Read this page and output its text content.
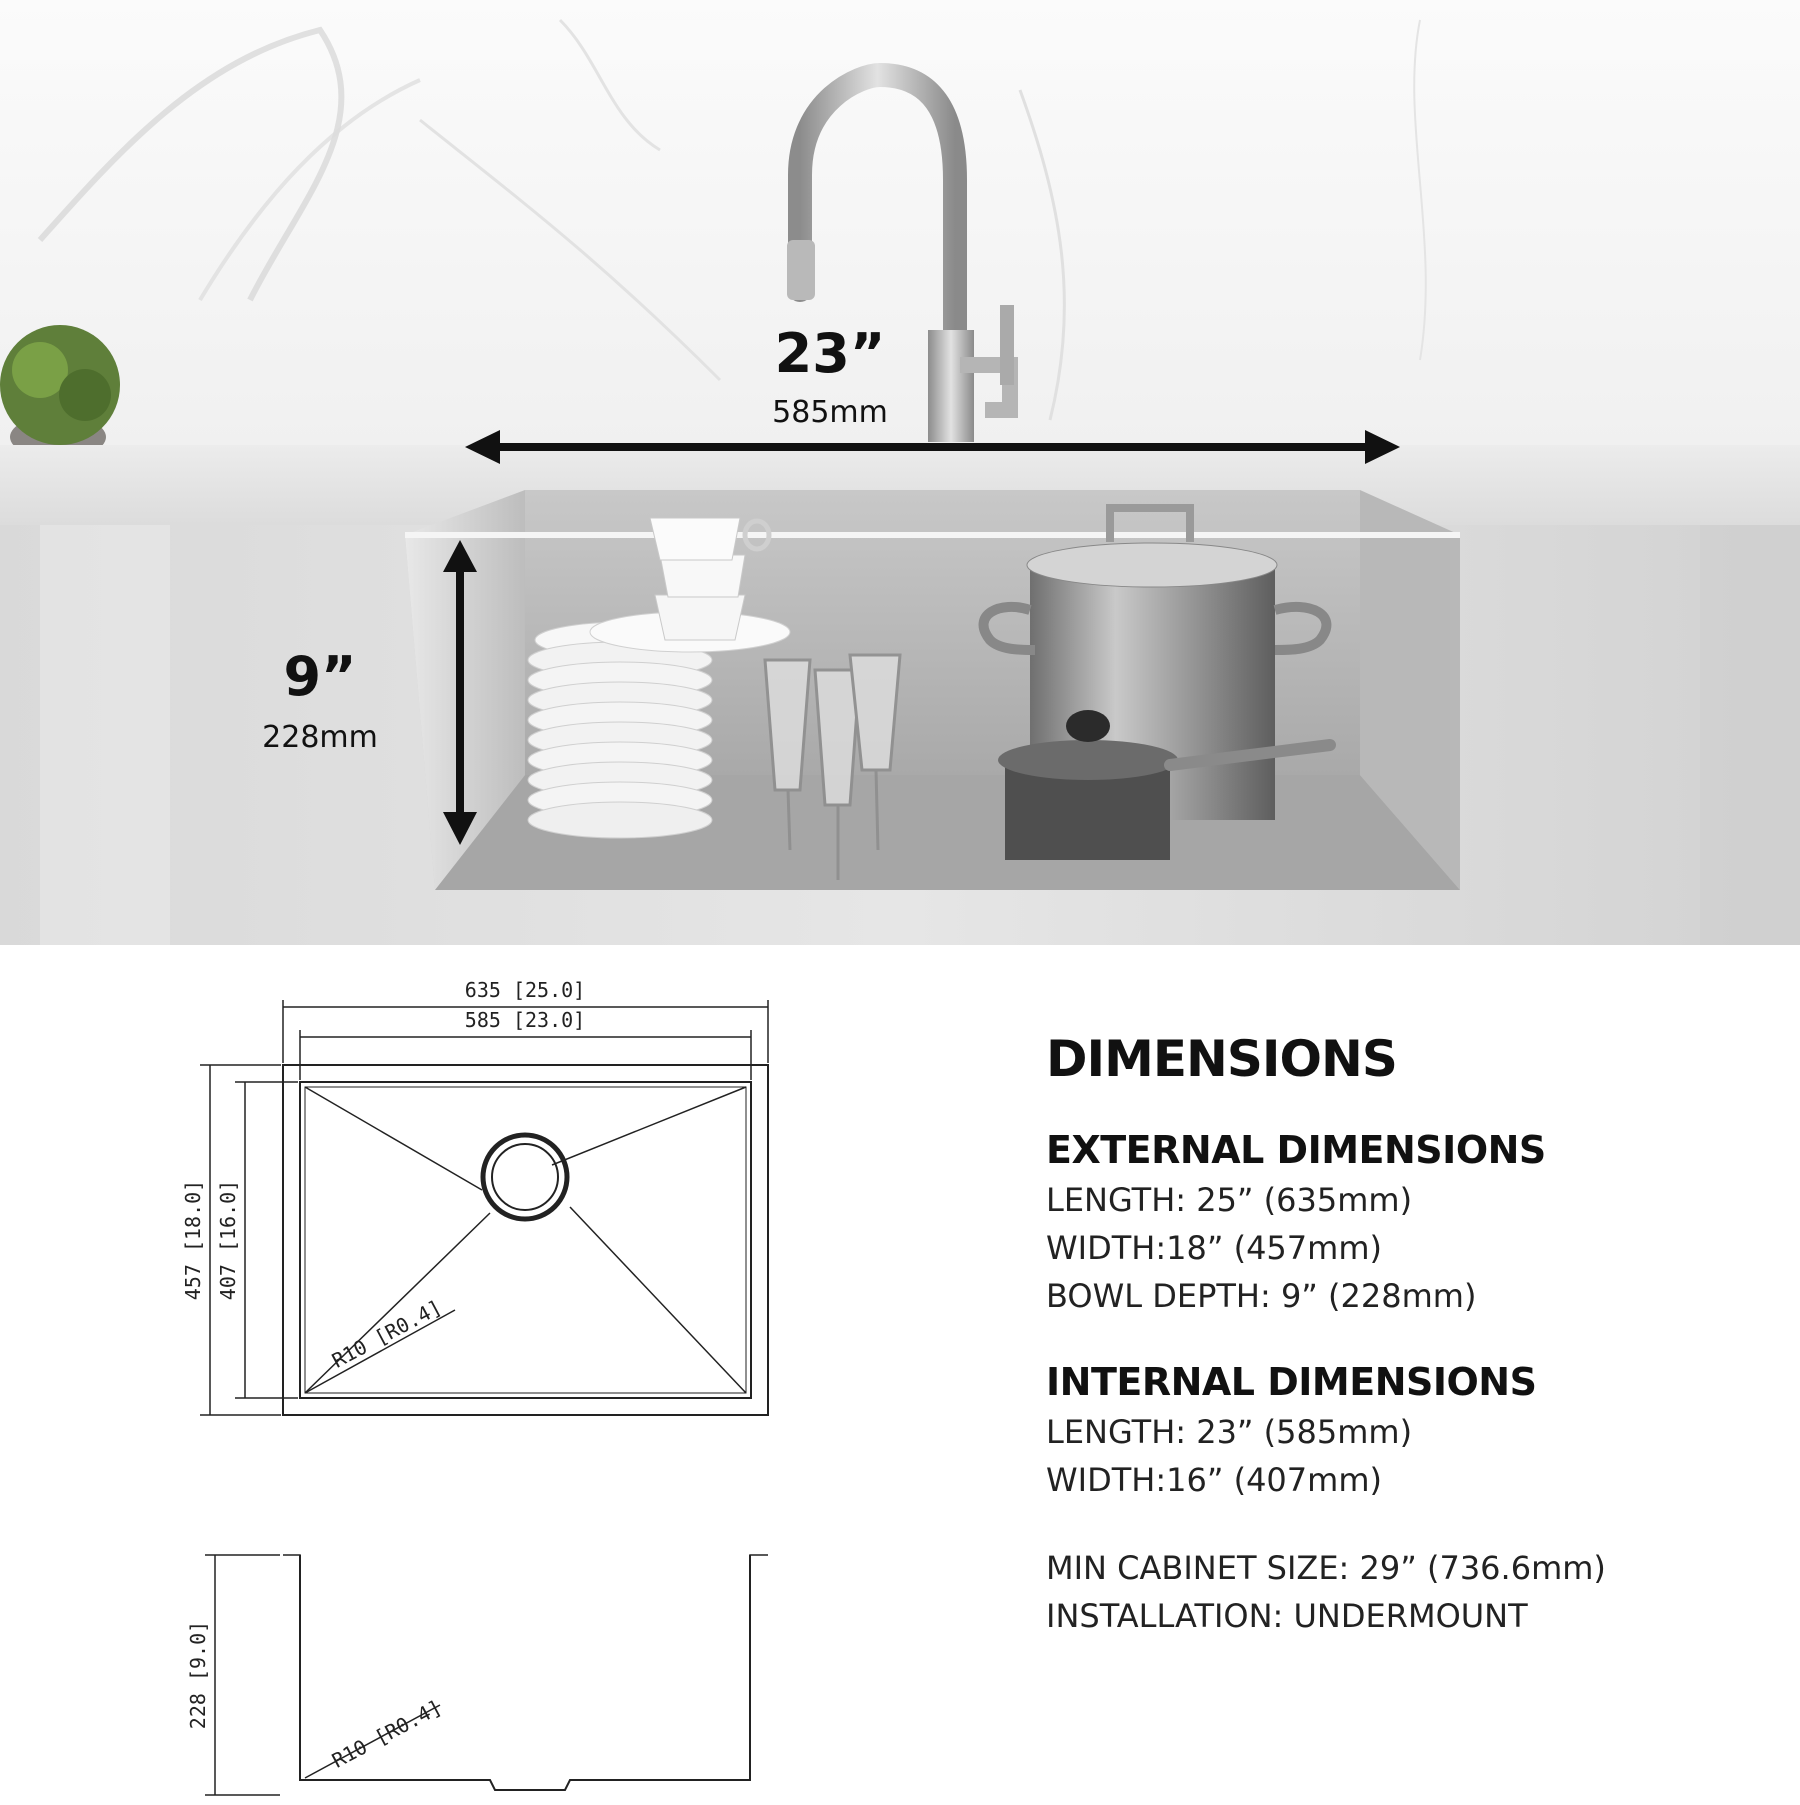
23”
585mm
9”
228mm
635 [25.0]
585 [23.0]
457 [18.0] 407 [16.0]
R10 [R0.4]
228 [9.0]
R10 [R0.4]
DIMENSIONS
EXTERNAL DIMENSIONS
LENGTH: 25” (635mm)
WIDTH:18” (457mm)
BOWL DEPTH: 9” (228mm)
INTERNAL DIMENSIONS
LENGTH: 23” (585mm)
WIDTH:16” (407mm)
MIN CABINET SIZE: 29” (736.6mm)
INSTALLATION: UNDERMOUNT
